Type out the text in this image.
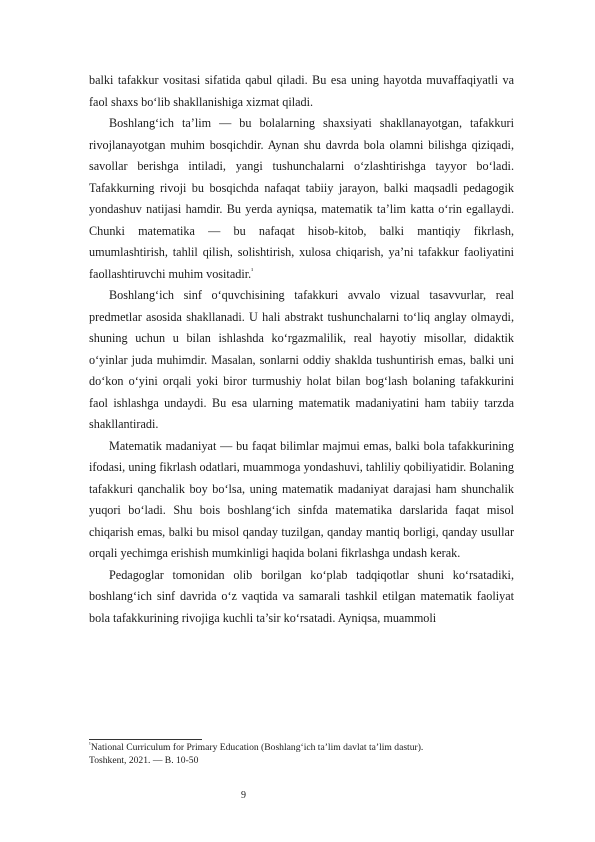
balki tafakkur vositasi sifatida qabul qiladi. Bu esa uning hayotda muvaffaqiyatli va faol shaxs bo‘lib shakllanishiga xizmat qiladi.

Boshlang‘ich ta’lim — bu bolalarning shaxsiyati shakllanayotgan, tafakkuri rivojlanayotgan muhim bosqichdir. Aynan shu davrda bola olamni bilishga qiziqadi, savollar berishga intiladi, yangi tushunchalarni o‘zlashtirishga tayyor bo‘ladi. Tafakkurning rivoji bu bosqichda nafaqat tabiiy jarayon, balki maqsadli pedagogik yondashuv natijasi hamdir. Bu yerda ayniqsa, matematik ta’lim katta o‘rin egallaydi. Chunki matematika — bu nafaqat hisob-kitob, balki mantiqiy fikrlash, umumlashtirish, tahlil qilish, solishtirish, xulosa chiqarish, ya’ni tafakkur faoliyatini faollashtiruvchi muhim vositadir.$^{^1}$

Boshlang‘ich sinf o‘quvchisining tafakkuri avvalo vizual tasavvurlar, real predmetlar asosida shakllanadi. U hali abstrakt tushunchalarni to‘liq anglay olmaydi, shuning uchun u bilan ishlashda ko‘rgazmalilik, real hayotiy misollar, didaktik o‘yinlar juda muhimdir. Masalan, sonlarni oddiy shaklda tushuntirish emas, balki uni do‘kon o‘yini orqali yoki biror turmushiy holat bilan bog‘lash bolaning tafakkurini faol ishlashga undaydi. Bu esa ularning matematik madaniyatini ham tabiiy tarzda shakllantiradi.

Matematik madaniyat — bu faqat bilimlar majmui emas, balki bola tafakkurining ifodasi, uning fikrlash odatlari, muammoga yondashuvi, tahliliy qobiliyatidir. Bolaning tafakkuri qanchalik boy bo‘lsa, uning matematik madaniyat darajasi ham shunchalik yuqori bo‘ladi. Shu bois boshlang‘ich sinfda matematika darslarida faqat misol chiqarish emas, balki bu misol qanday tuzilgan, qanday mantiq borligi, qanday usullar orqali yechimga erishish mumkinligi haqida bolani fikrlashga undash kerak.

Pedagoglar tomonidan olib borilgan ko‘plab tadqiqotlar shuni ko‘rsatadiki, boshlang‘ich sinf davrida o‘z vaqtida va samarali tashkil etilgan matematik faoliyat bola tafakkurining rivojiga kuchli ta’sir ko‘rsatadi. Ayniqsa, muammoli

$^{^1}$National Curriculum for Primary Education (Boshlang‘ich ta’lim davlat ta’lim dastur).
Toshkent, 2021. — B. 10-50
9
